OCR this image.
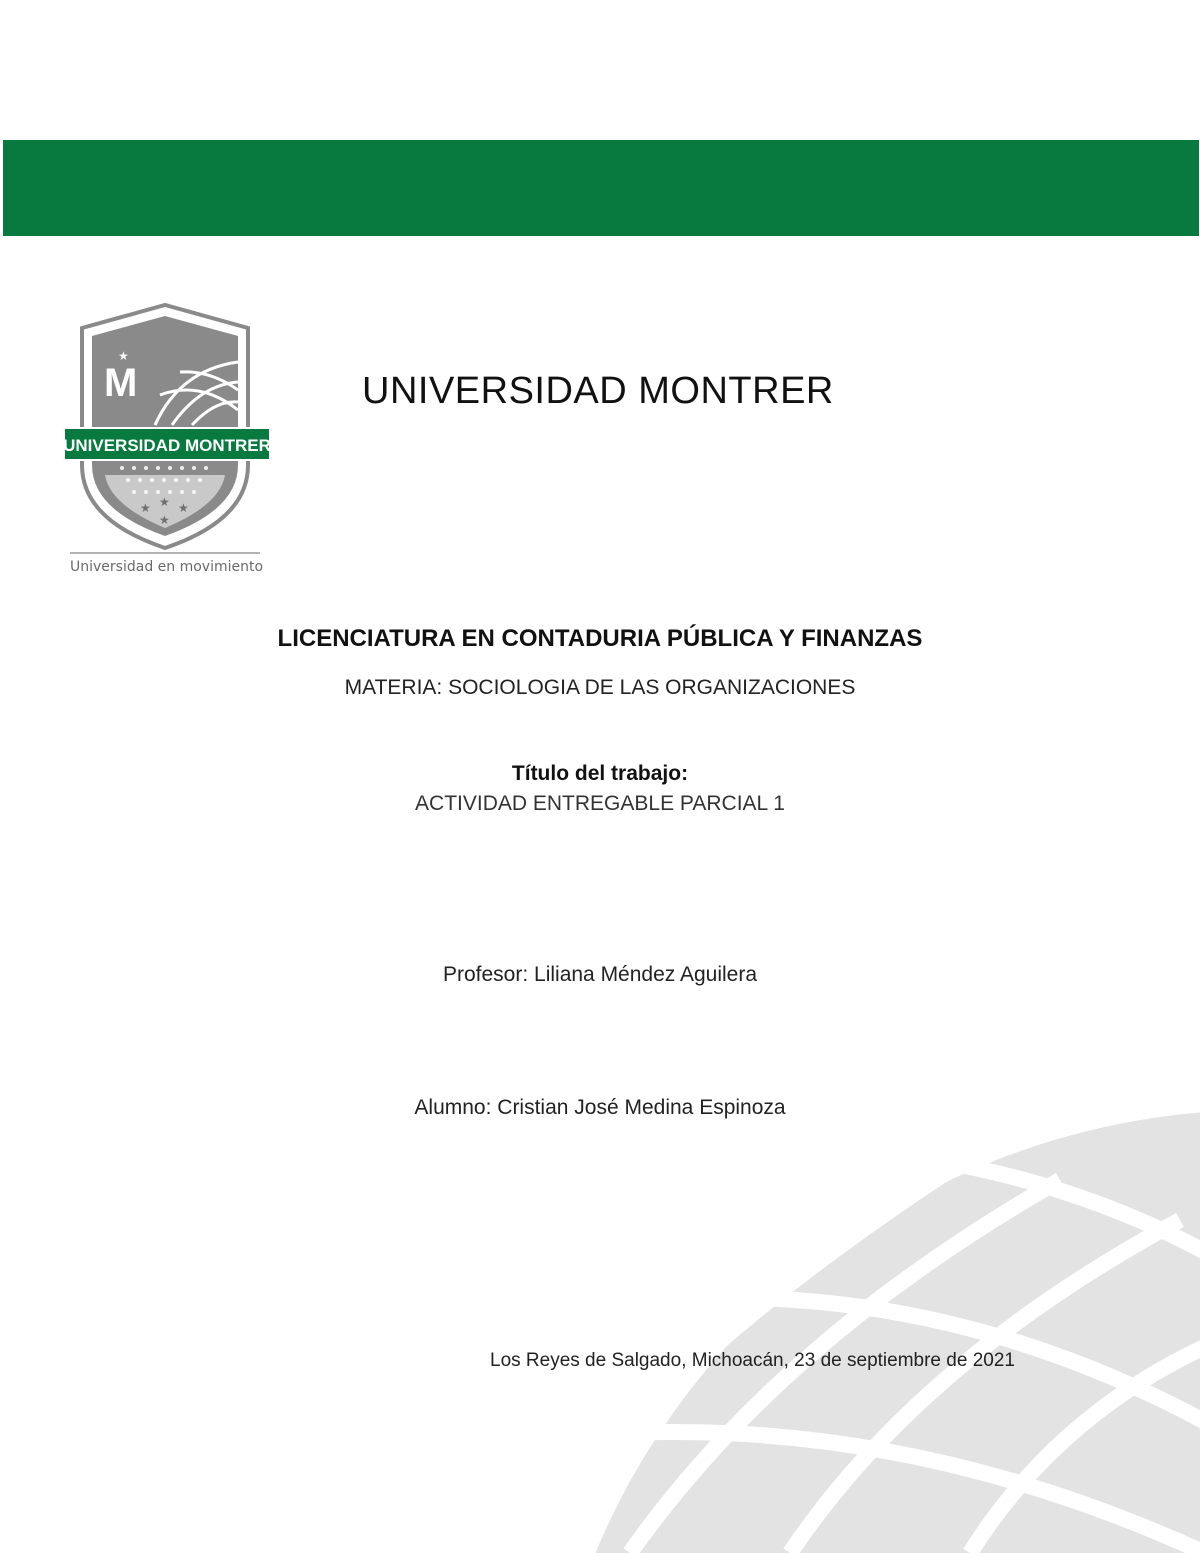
★
★
★
★
★
M
UNIVERSIDAD MONTRER
Universidad en movimiento
UNIVERSIDAD MONTRER
LICENCIATURA EN CONTADURIA PÚBLICA Y FINANZAS
MATERIA: SOCIOLOGIA DE LAS ORGANIZACIONES
Título del trabajo:
ACTIVIDAD ENTREGABLE PARCIAL 1
Profesor: Liliana Méndez Aguilera
Alumno: Cristian José Medina Espinoza
Los Reyes de Salgado, Michoacán, 23 de septiembre de 2021
